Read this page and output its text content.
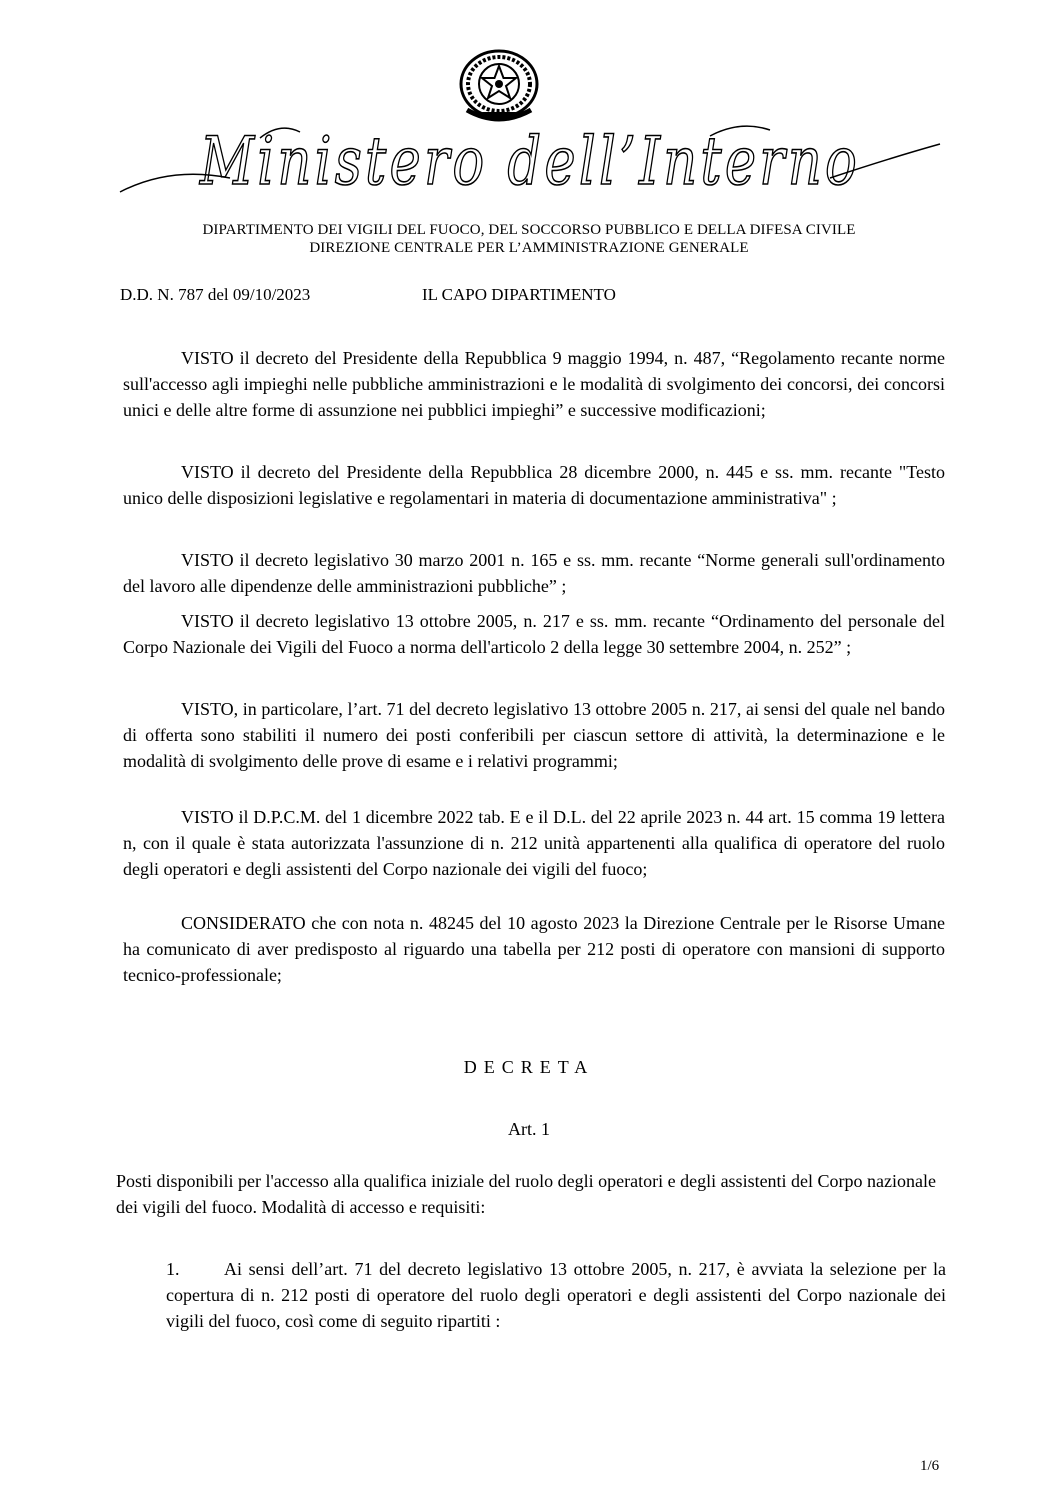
Ministero dell’Interno
DIPARTIMENTO DEI VIGILI DEL FUOCO, DEL SOCCORSO PUBBLICO E DELLA DIFESA CIVILE
DIREZIONE CENTRALE PER L’AMMINISTRAZIONE GENERALE
D.D. N. 787 del 09/10/2023	IL CAPO DIPARTIMENTO

VISTO il decreto del Presidente della Repubblica 9 maggio 1994, n. 487, “Regolamento recante norme sull'accesso agli impieghi nelle pubbliche amministrazioni e le modalità di svolgimento dei concorsi, dei concorsi unici e delle altre forme di assunzione nei pubblici impieghi” e successive modificazioni;

VISTO il decreto del Presidente della Repubblica 28 dicembre 2000, n. 445 e ss. mm. recante "Testo unico delle disposizioni legislative e regolamentari in materia di documentazione amministrativa" ;

VISTO il decreto legislativo 30 marzo 2001 n. 165 e ss. mm. recante “Norme generali sull'ordinamento del lavoro alle dipendenze delle amministrazioni pubbliche” ;

VISTO il decreto legislativo 13 ottobre 2005, n. 217 e ss. mm. recante “Ordinamento del personale del Corpo Nazionale dei Vigili del Fuoco a norma dell'articolo 2 della legge 30 settembre 2004, n. 252” ;

VISTO, in particolare, l’art. 71 del decreto legislativo 13 ottobre 2005 n. 217, ai sensi del quale nel bando di offerta sono stabiliti il numero dei posti conferibili per ciascun settore di attività, la determinazione e le modalità di svolgimento delle prove di esame e i relativi programmi;

VISTO il D.P.C.M. del 1 dicembre 2022 tab. E e il D.L. del 22 aprile 2023 n. 44 art. 15 comma 19 lettera n, con il quale è stata autorizzata l'assunzione di n. 212 unità appartenenti alla qualifica di operatore del ruolo degli operatori e degli assistenti del Corpo nazionale dei vigili del fuoco;

CONSIDERATO che con nota n. 48245 del 10 agosto 2023 la Direzione Centrale per le Risorse Umane ha comunicato di aver predisposto al riguardo una tabella per 212 posti di operatore con mansioni di supporto tecnico-professionale;

DECRETA
Art. 1

Posti disponibili per l'accesso alla qualifica iniziale del ruolo degli operatori e degli assistenti del Corpo nazionale dei vigili del fuoco. Modalità di accesso e requisiti:

1. Ai sensi dell’art. 71 del decreto legislativo 13 ottobre 2005, n. 217, è avviata la selezione per la copertura di n. 212 posti di operatore del ruolo degli operatori e degli assistenti del Corpo nazionale dei vigili del fuoco, così come di seguito ripartiti :

1/6
